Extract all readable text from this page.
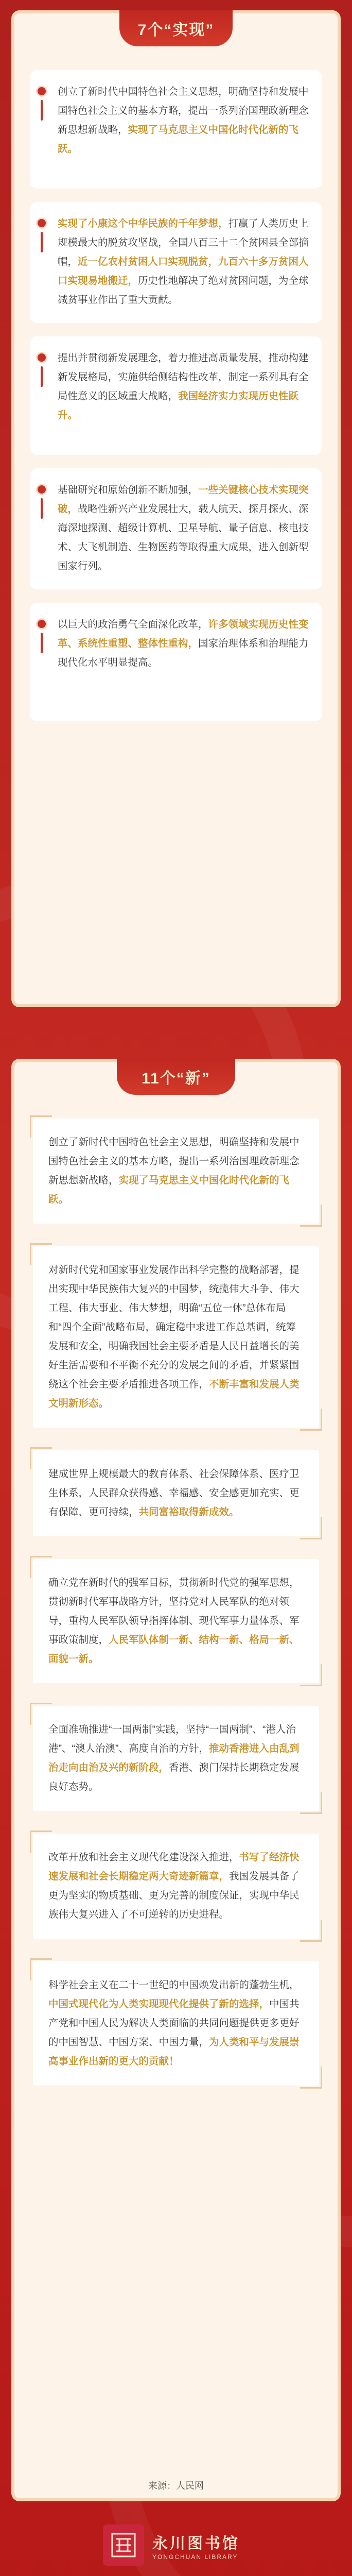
7个“实现”
创立了新时代中国特色社会主义思想，明确坚持和发展中国特色社会主义的基本方略，提出一系列治国理政新理念新思想新战略，实现了马克思主义中国化时代化新的飞跃。
实现了小康这个中华民族的千年梦想，打赢了人类历史上规模最大的脱贫攻坚战，全国八百三十二个贫困县全部摘帽，近一亿农村贫困人口实现脱贫，九百六十多万贫困人口实现易地搬迁，历史性地解决了绝对贫困问题，为全球减贫事业作出了重大贡献。
提出并贯彻新发展理念，着力推进高质量发展，推动构建新发展格局，实施供给侧结构性改革，制定一系列具有全局性意义的区域重大战略，我国经济实力实现历史性跃升。
基础研究和原始创新不断加强，一些关键核心技术实现突破，战略性新兴产业发展壮大，载人航天、探月探火、深海深地探测、超级计算机、卫星导航、量子信息、核电技术、大飞机制造、生物医药等取得重大成果，进入创新型国家行列。
以巨大的政治勇气全面深化改革，许多领域实现历史性变革、系统性重塑、整体性重构，国家治理体系和治理能力现代化水平明显提高。
11个“新”
创立了新时代中国特色社会主义思想，明确坚持和发展中国特色社会主义的基本方略，提出一系列治国理政新理念新思想新战略，实现了马克思主义中国化时代化新的飞跃。
对新时代党和国家事业发展作出科学完整的战略部署，提出实现中华民族伟大复兴的中国梦，统揽伟大斗争、伟大工程、伟大事业、伟大梦想，明确“五位一体”总体布局和“四个全面”战略布局，确定稳中求进工作总基调，统筹发展和安全，明确我国社会主要矛盾是人民日益增长的美好生活需要和不平衡不充分的发展之间的矛盾，并紧紧围绕这个社会主要矛盾推进各项工作，不断丰富和发展人类文明新形态。
建成世界上规模最大的教育体系、社会保障体系、医疗卫生体系，人民群众获得感、幸福感、安全感更加充实、更有保障、更可持续，共同富裕取得新成效。
确立党在新时代的强军目标，贯彻新时代党的强军思想，贯彻新时代军事战略方针，坚持党对人民军队的绝对领导，重构人民军队领导指挥体制、现代军事力量体系、军事政策制度，人民军队体制一新、结构一新、格局一新、面貌一新。
全面准确推进“一国两制”实践，坚持“一国两制”、“港人治港”、“澳人治澳”、高度自治的方针，推动香港进入由乱到治走向由治及兴的新阶段，香港、澳门保持长期稳定发展良好态势。
改革开放和社会主义现代化建设深入推进，书写了经济快速发展和社会长期稳定两大奇迹新篇章，我国发展具备了更为坚实的物质基础、更为完善的制度保证，实现中华民族伟大复兴进入了不可逆转的历史进程。
科学社会主义在二十一世纪的中国焕发出新的蓬勃生机，中国式现代化为人类实现现代化提供了新的选择，中国共产党和中国人民为解决人类面临的共同问题提供更多更好的中国智慧、中国方案、中国力量，为人类和平与发展崇高事业作出新的更大的贡献！
来源：人民网
永川图书馆
YONGCHUAN LIBRARY
